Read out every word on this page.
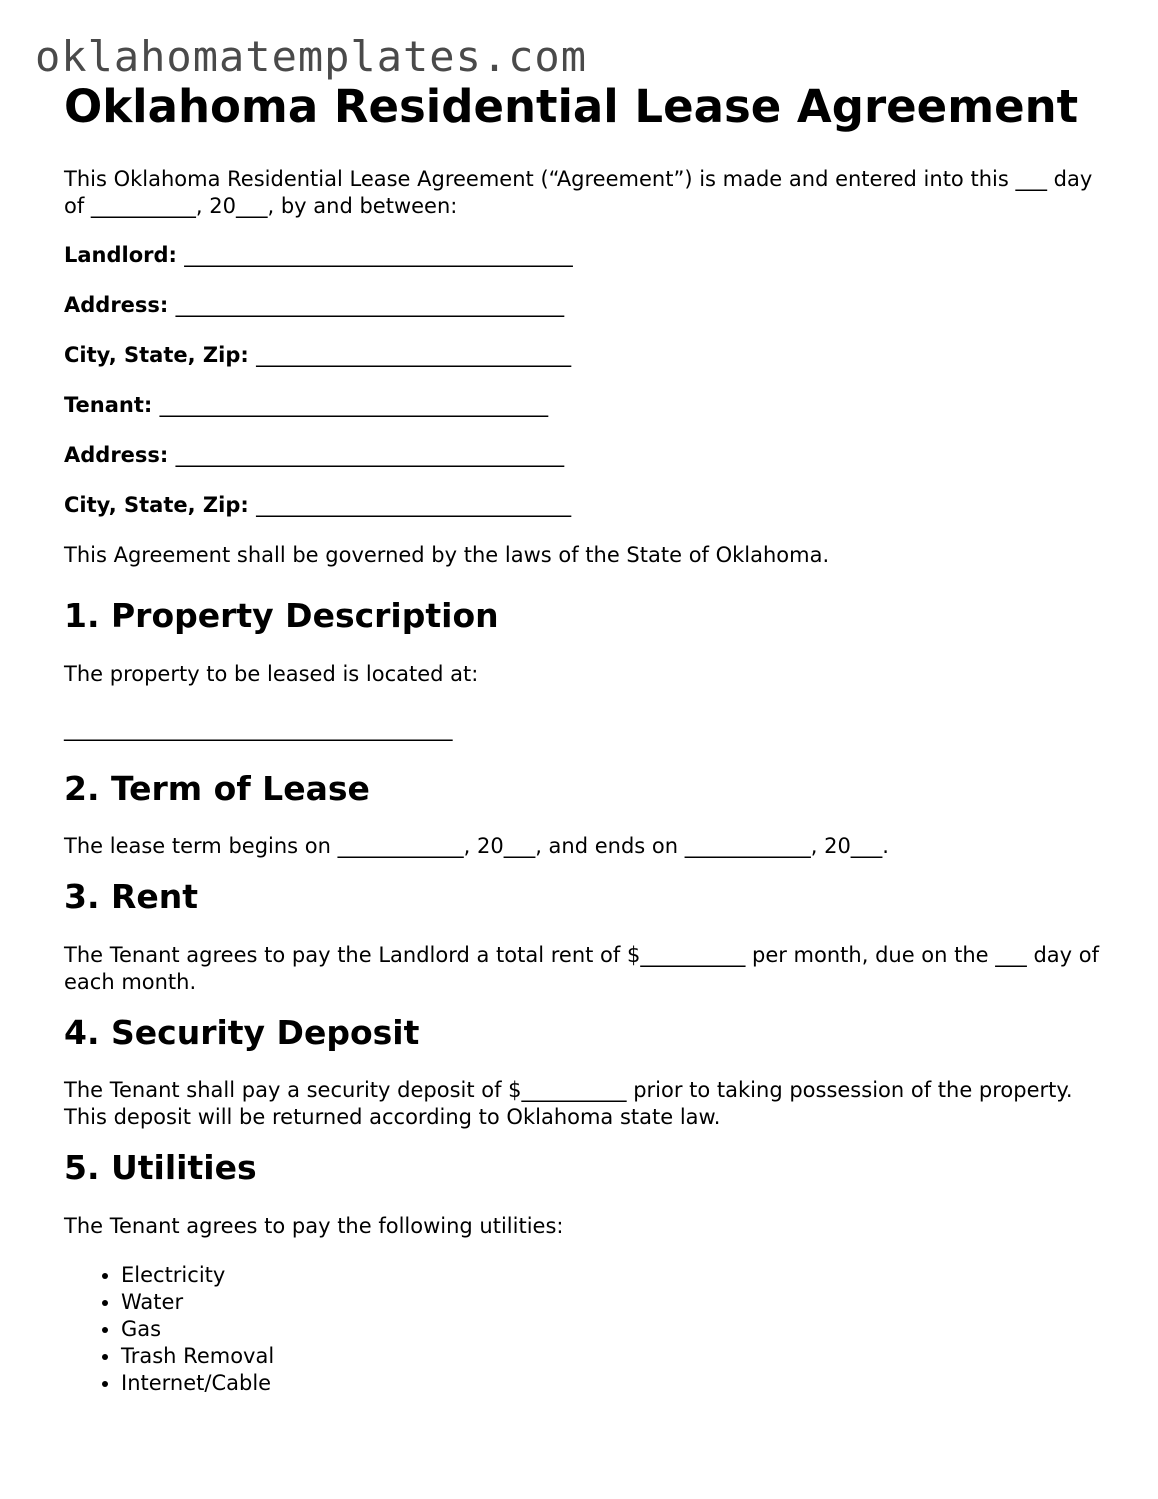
oklahomatemplates.com
Oklahoma Residential Lease Agreement

This Oklahoma Residential Lease Agreement (“Agreement”) is made and entered into this ___ day of __________, 20___, by and between:

Landlord: _____________________________________

Address: _____________________________________

City, State, Zip: ______________________________

Tenant: _____________________________________

Address: _____________________________________

City, State, Zip: ______________________________

This Agreement shall be governed by the laws of the State of Oklahoma.

1. Property Description

The property to be leased is located at:

_____________________________________

2. Term of Lease

The lease term begins on ____________, 20___, and ends on ____________, 20___.

3. Rent

The Tenant agrees to pay the Landlord a total rent of $__________ per month, due on the ___ day of each month.

4. Security Deposit

The Tenant shall pay a security deposit of $__________ prior to taking possession of the property. This deposit will be returned according to Oklahoma state law.

5. Utilities

The Tenant agrees to pay the following utilities:

• Electricity
• Water
• Gas
• Trash Removal
• Internet/Cable
